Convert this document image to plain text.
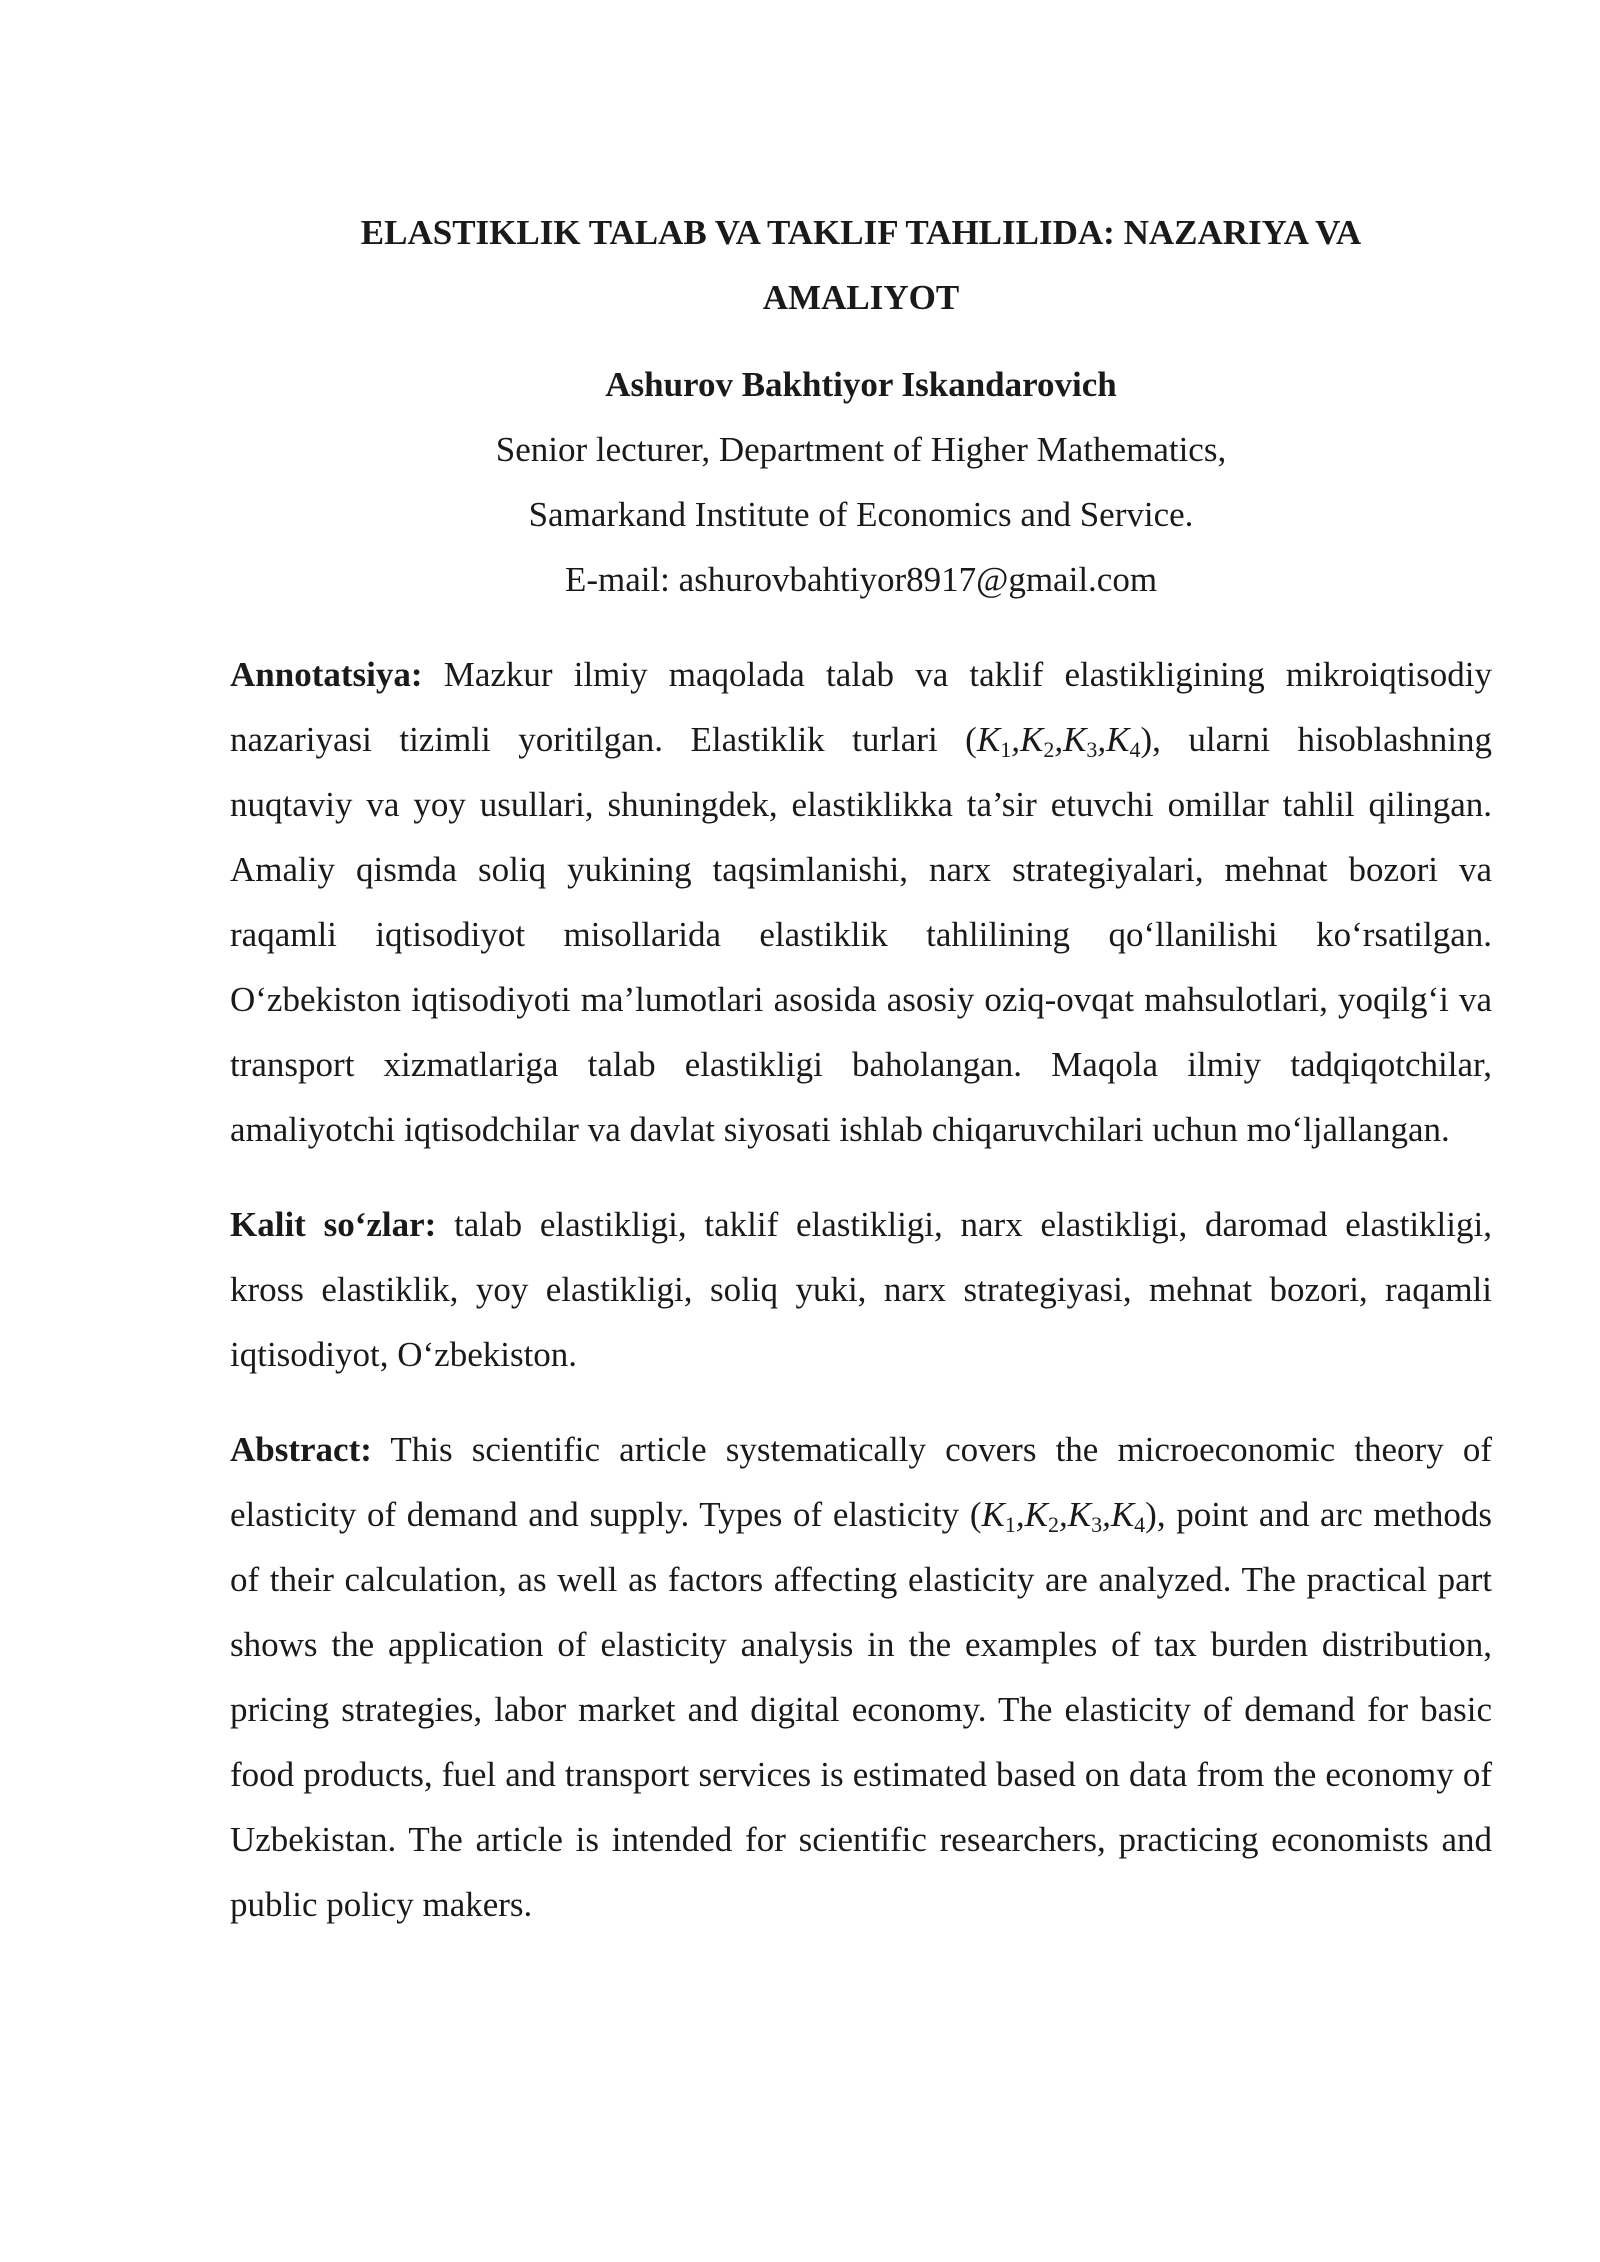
ELASTIKLIK TALAB VA TAKLIF TAHLILIDA: NAZARIYA VA
AMALIYOT
Ashurov Bakhtiyor Iskandarovich
Senior lecturer, Department of Higher Mathematics,
Samarkand Institute of Economics and Service.
E-mail: ashurovbahtiyor8917@gmail.com

Annotatsiya: Mazkur ilmiy maqolada talab va taklif elastikligining mikroiqtisodiy nazariyasi tizimli yoritilgan. Elastiklik turlari $(K_1,K_2,K_3,K_4)$, ularni hisoblashning nuqtaviy va yoy usullari, shuningdek, elastiklikka ta’sir etuvchi omillar tahlil qilingan. Amaliy qismda soliq yukining taqsimlanishi, narx strategiyalari, mehnat bozori va raqamli iqtisodiyot misollarida elastiklik tahlilining qo‘llanilishi ko‘rsatilgan. O‘zbekiston iqtisodiyoti ma’lumotlari asosida asosiy oziq-ovqat mahsulotlari, yoqilg‘i va transport xizmatlariga talab elastikligi baholangan. Maqola ilmiy tadqiqotchilar, amaliyotchi iqtisodchilar va davlat siyosati ishlab chiqaruvchilari uchun mo‘ljallangan.

Kalit so‘zlar: talab elastikligi, taklif elastikligi, narx elastikligi, daromad elastikligi, kross elastiklik, yoy elastikligi, soliq yuki, narx strategiyasi, mehnat bozori, raqamli iqtisodiyot, O‘zbekiston.

Abstract: This scientific article systematically covers the microeconomic theory of elasticity of demand and supply. Types of elasticity $(K_1,K_2,K_3,K_4)$, point and arc methods of their calculation, as well as factors affecting elasticity are analyzed. The practical part shows the application of elasticity analysis in the examples of tax burden distribution, pricing strategies, labor market and digital economy. The elasticity of demand for basic food products, fuel and transport services is estimated based on data from the economy of Uzbekistan. The article is intended for scientific researchers, practicing economists and public policy makers.
